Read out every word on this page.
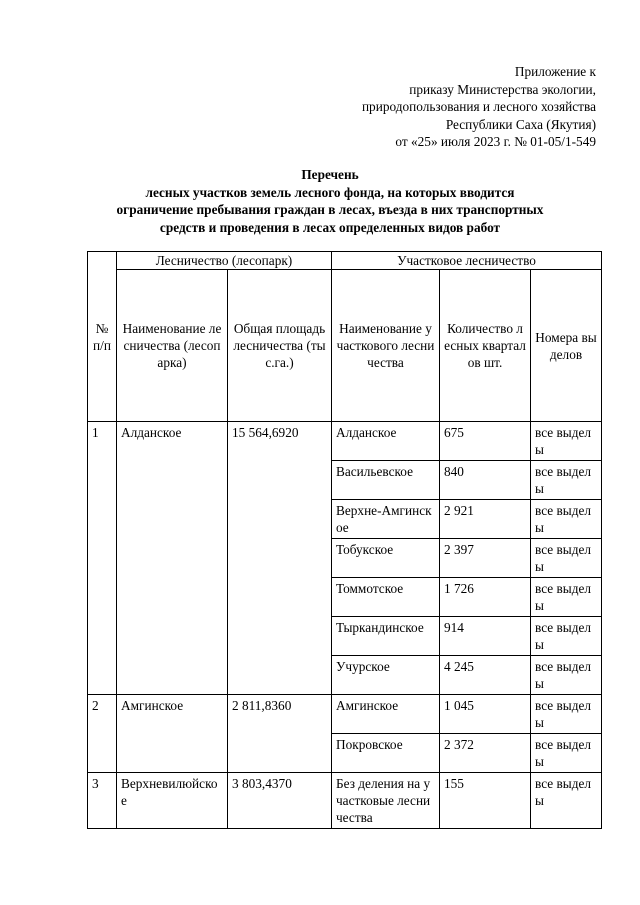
Приложение к
приказу Министерства экологии,
природопользования и лесного хозяйства
Республики Саха (Якутия)
от «25» июля 2023 г. № 01-05/1-549
Перечень
лесных участков земель лесного фонда, на которых вводится
ограничение пребывания граждан в лесах, въезда в них транспортных
средств и проведения в лесах определенных видов работ
№ п/п	Лесничество (лесопарк)		Участковое лесничество		
	Наименование лесничества (лесопарка)	Общая площадь лесничества (тыс.га.)	Наименование участкового лесничества	Количество лесных кварталов шт.	Номера выделов
1	Алданское	15 564,6920	Алданское	675	все выделы
			Васильевское	840	все выделы
			Верхне-Амгинское	2 921	все выделы
			Тобукское	2 397	все выделы
			Томмотское	1 726	все выделы
			Тыркандинское	914	все выделы
			Учурское	4 245	все выделы
2	Амгинское	2 811,8360	Амгинское	1 045	все выделы
			Покровское	2 372	все выделы
3	Верхневилюйское	3 803,4370	Без деления на участковые лесничества	155	все выделы
